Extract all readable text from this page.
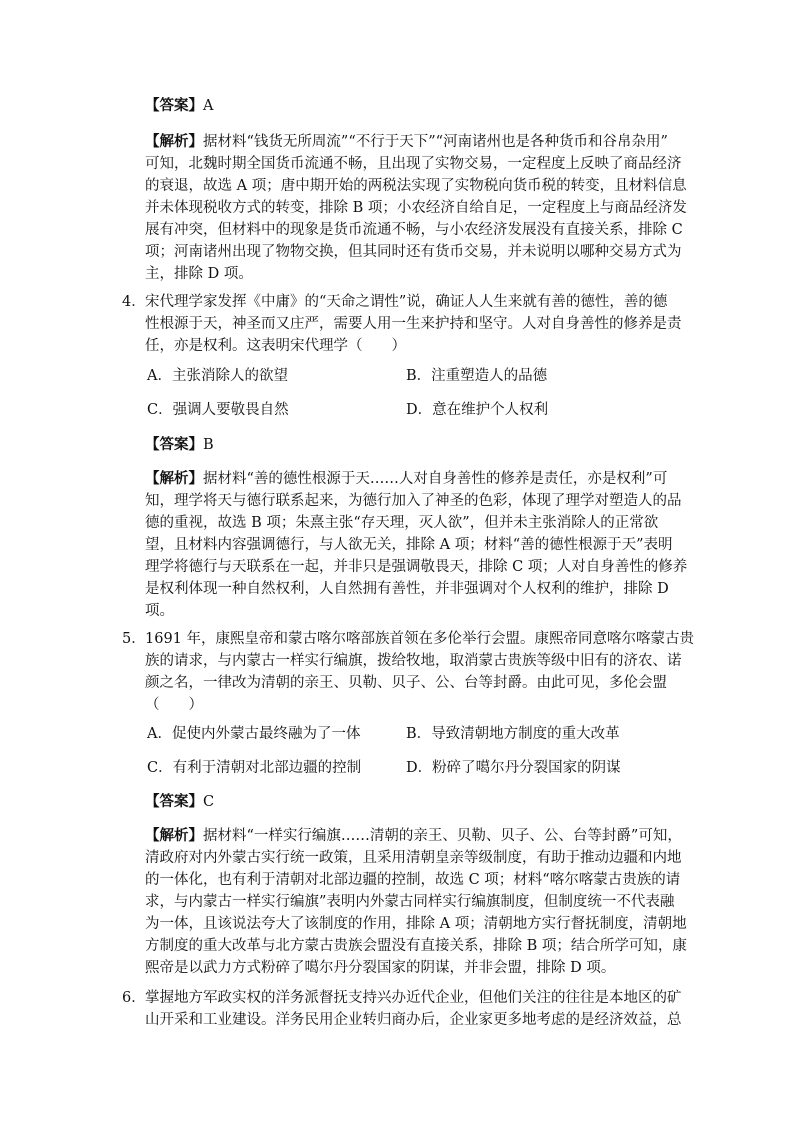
【答案】A
【解析】据材料“钱货无所周流”“不行于天下”“河南诸州也是各种货币和谷帛杂用”
可知，北魏时期全国货币流通不畅，且出现了实物交易，一定程度上反映了商品经济
的衰退，故选 A 项；唐中期开始的两税法实现了实物税向货币税的转变，且材料信息
并未体现税收方式的转变，排除 B 项；小农经济自给自足，一定程度上与商品经济发
展有冲突，但材料中的现象是货币流通不畅，与小农经济发展没有直接关系，排除 C
项；河南诸州出现了物物交换，但其同时还有货币交易，并未说明以哪种交易方式为
主，排除 D 项。
4． 宋代理学家发挥《中庸》的“天命之谓性”说，确证人人生来就有善的德性，善的德
性根源于天，神圣而又庄严，需要人用一生来护持和坚守。人对自身善性的修养是责
任，亦是权利。这表明宋代理学（　　）
A．主张消除人的欲望	B．注重塑造人的品德
C．强调人要敬畏自然	D．意在维护个人权利
【答案】B
【解析】据材料“善的德性根源于天……人对自身善性的修养是责任，亦是权利”可
知，理学将天与德行联系起来，为德行加入了神圣的色彩，体现了理学对塑造人的品
德的重视，故选 B 项；朱熹主张“存天理，灭人欲”，但并未主张消除人的正常欲
望，且材料内容强调德行，与人欲无关，排除 A 项；材料“善的德性根源于天”表明
理学将德行与天联系在一起，并非只是强调敬畏天，排除 C 项；人对自身善性的修养
是权利体现一种自然权利，人自然拥有善性，并非强调对个人权利的维护，排除 D
项。
5． 1691 年，康熙皇帝和蒙古喀尔喀部族首领在多伦举行会盟。康熙帝同意喀尔喀蒙古贵
族的请求，与内蒙古一样实行编旗，拨给牧地，取消蒙古贵族等级中旧有的济农、诺
颜之名，一律改为清朝的亲王、贝勒、贝子、公、台等封爵。由此可见，多伦会盟
（　　）
A．促使内外蒙古最终融为了一体	B．导致清朝地方制度的重大改革
C．有利于清朝对北部边疆的控制	D．粉碎了噶尔丹分裂国家的阴谋
【答案】C
【解析】据材料“一样实行编旗……清朝的亲王、贝勒、贝子、公、台等封爵”可知，
清政府对内外蒙古实行统一政策，且采用清朝皇亲等级制度，有助于推动边疆和内地
的一体化，也有利于清朝对北部边疆的控制，故选 C 项；材料“喀尔喀蒙古贵族的请
求，与内蒙古一样实行编旗”表明内外蒙古同样实行编旗制度，但制度统一不代表融
为一体，且该说法夸大了该制度的作用，排除 A 项；清朝地方实行督抚制度，清朝地
方制度的重大改革与北方蒙古贵族会盟没有直接关系，排除 B 项；结合所学可知，康
熙帝是以武力方式粉碎了噶尔丹分裂国家的阴谋，并非会盟，排除 D 项。
6． 掌握地方军政实权的洋务派督抚支持兴办近代企业，但他们关注的往往是本地区的矿
山开采和工业建设。洋务民用企业转归商办后，企业家更多地考虑的是经济效益，总
